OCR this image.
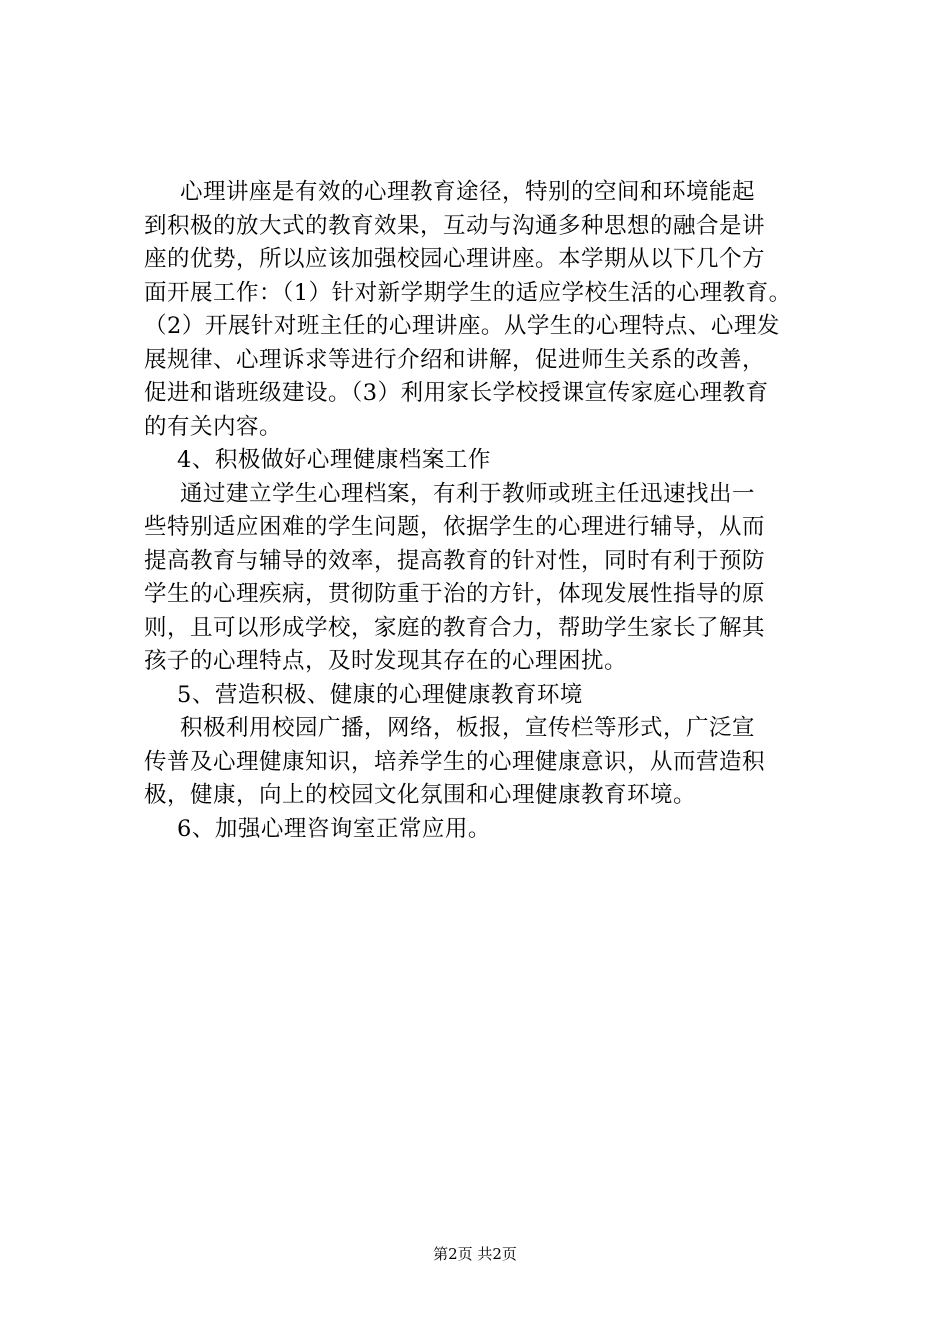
心理讲座是有效的心理教育途径，特别的空间和环境能起
到积极的放大式的教育效果，互动与沟通多种思想的融合是讲
座的优势，所以应该加强校园心理讲座。本学期从以下几个方
面开展工作：（1）针对新学期学生的适应学校生活的心理教育。
（2）开展针对班主任的心理讲座。从学生的心理特点、心理发
展规律、心理诉求等进行介绍和讲解，促进师生关系的改善，
促进和谐班级建设。（3）利用家长学校授课宣传家庭心理教育
的有关内容。
4、积极做好心理健康档案工作
通过建立学生心理档案，有利于教师或班主任迅速找出一
些特别适应困难的学生问题，依据学生的心理进行辅导，从而
提高教育与辅导的效率，提高教育的针对性，同时有利于预防
学生的心理疾病，贯彻防重于治的方针，体现发展性指导的原
则，且可以形成学校，家庭的教育合力，帮助学生家长了解其
孩子的心理特点，及时发现其存在的心理困扰。
5、营造积极、健康的心理健康教育环境
积极利用校园广播，网络，板报，宣传栏等形式，广泛宣
传普及心理健康知识，培养学生的心理健康意识，从而营造积
极，健康，向上的校园文化氛围和心理健康教育环境。
6、加强心理咨询室正常应用。
第2页 共2页
